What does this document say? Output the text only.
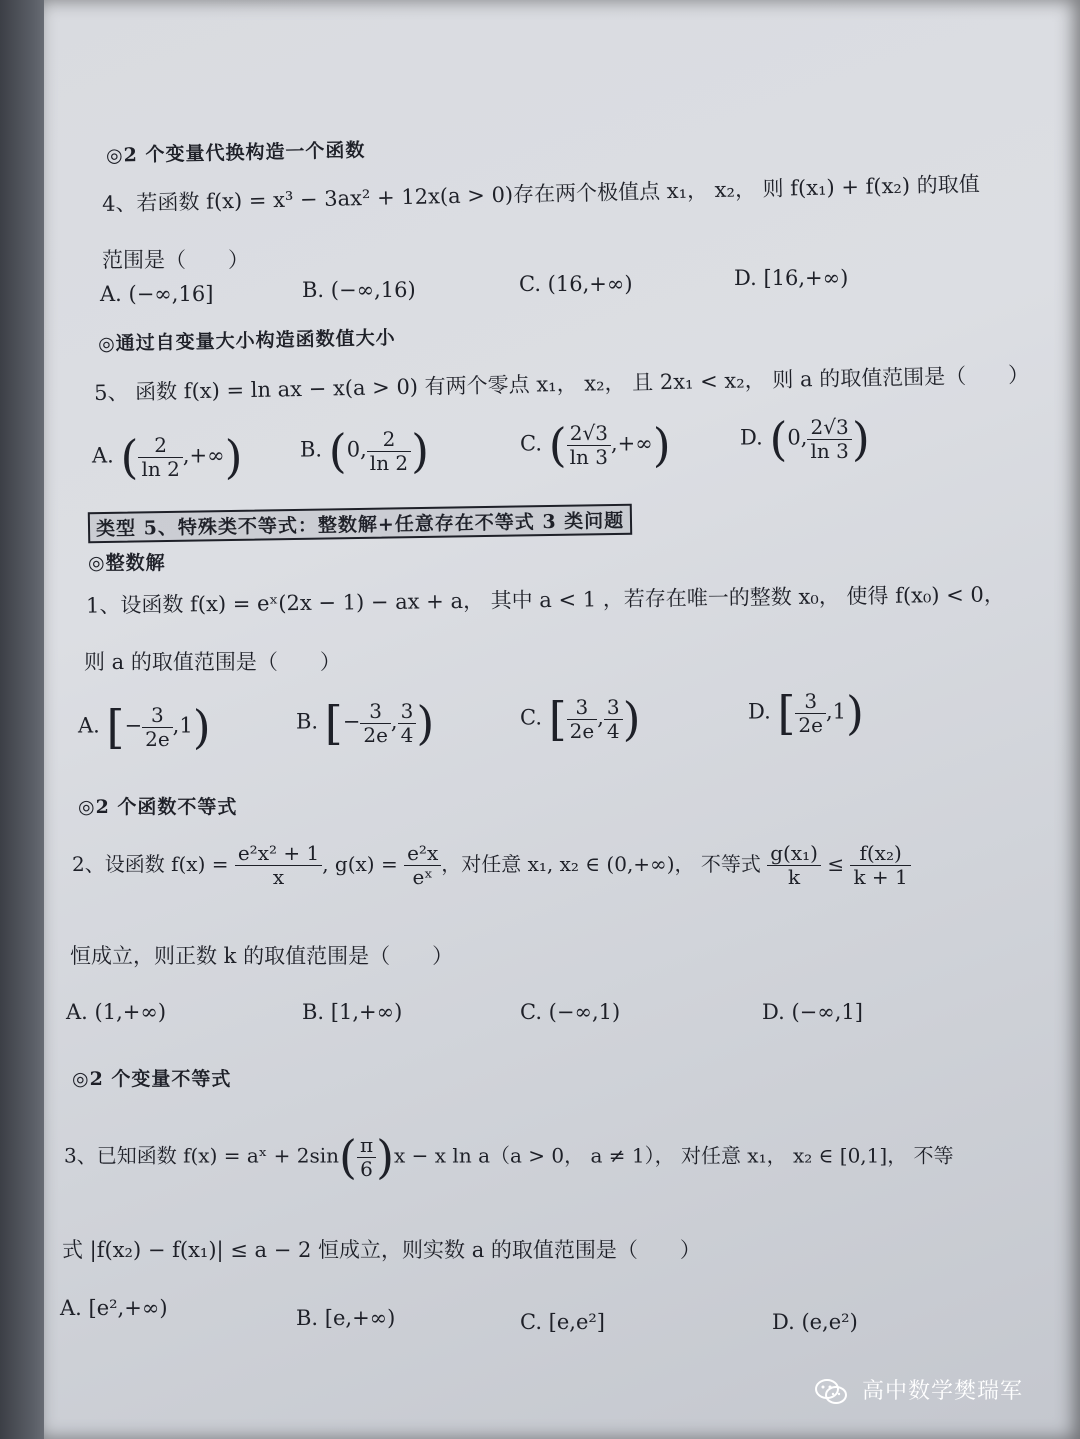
◎2 个变量代换构造一个函数
4、若函数 f(x) = x³ − 3ax² + 12x(a > 0)存在两个极值点 x₁， x₂， 则 f(x₁) + f(x₂) 的取值
范围是（　　）
A. (−∞,16]	B. (−∞,16)	C. (16,+∞)	D. [16,+∞)
◎通过自变量大小构造函数值大小
5、 函数 f(x) = ln ax − x(a > 0) 有两个零点 x₁， x₂， 且 2x₁ < x₂， 则 a 的取值范围是（　　）
A. ( $\frac{2}{\ln 2}$ ,+∞)	B. (0, $\frac{2}{\ln 2}$ )	C. ( $\frac{2√3}{\ln 3}$ ,+∞)	D. (0, $\frac{2√3}{\ln 3}$ )
类型 5、特殊类不等式：整数解+任意存在不等式 3 类问题
◎整数解
1、设函数 f(x) = eˣ(2x − 1) − ax + a， 其中 a < 1 ，若存在唯一的整数 x₀， 使得 f(x₀) < 0，
则 a 的取值范围是（　　）
A. [− $\frac{3}{2e} ,1$)	B. [− $\frac{3}{2e}$ , $\frac{3}{4}$ )	C. [ $\frac{3}{2e}$ , $\frac{3}{4}$ )	D. [ $\frac{3}{2e} ,1$)
◎2 个函数不等式
2、设函数 $f(x) = \frac{\text{e²x² + 1}}{x}$ , $g(x) = \frac{\text{e²x}}{\text{eˣ}}$ ，对任意 x₁, x₂ ∈ (0,+∞)， 不等式 $\frac{\text{g(x₁)}}{k} \le \frac{\text{f(x₂)}}{k + 1}$
恒成立，则正数 k 的取值范围是（　　）
A. (1,+∞)	B. [1,+∞)	C. (−∞,1)	D. (−∞,1]
◎2 个变量不等式
3、已知函数 f(x) = aˣ + $2\sin( \frac{\pi}{6} )x - x$ ln a（a > 0， a ≠ 1）， 对任意 x₁， x₂ ∈ [0,1]， 不等
式 |f(x₂) − f(x₁)| ≤ a − 2 恒成立，则实数 a 的取值范围是（　　）
A. [e²,+∞)	B. [e,+∞)	C. [e,e²]	D. (e,e²)
高中数学樊瑞军
